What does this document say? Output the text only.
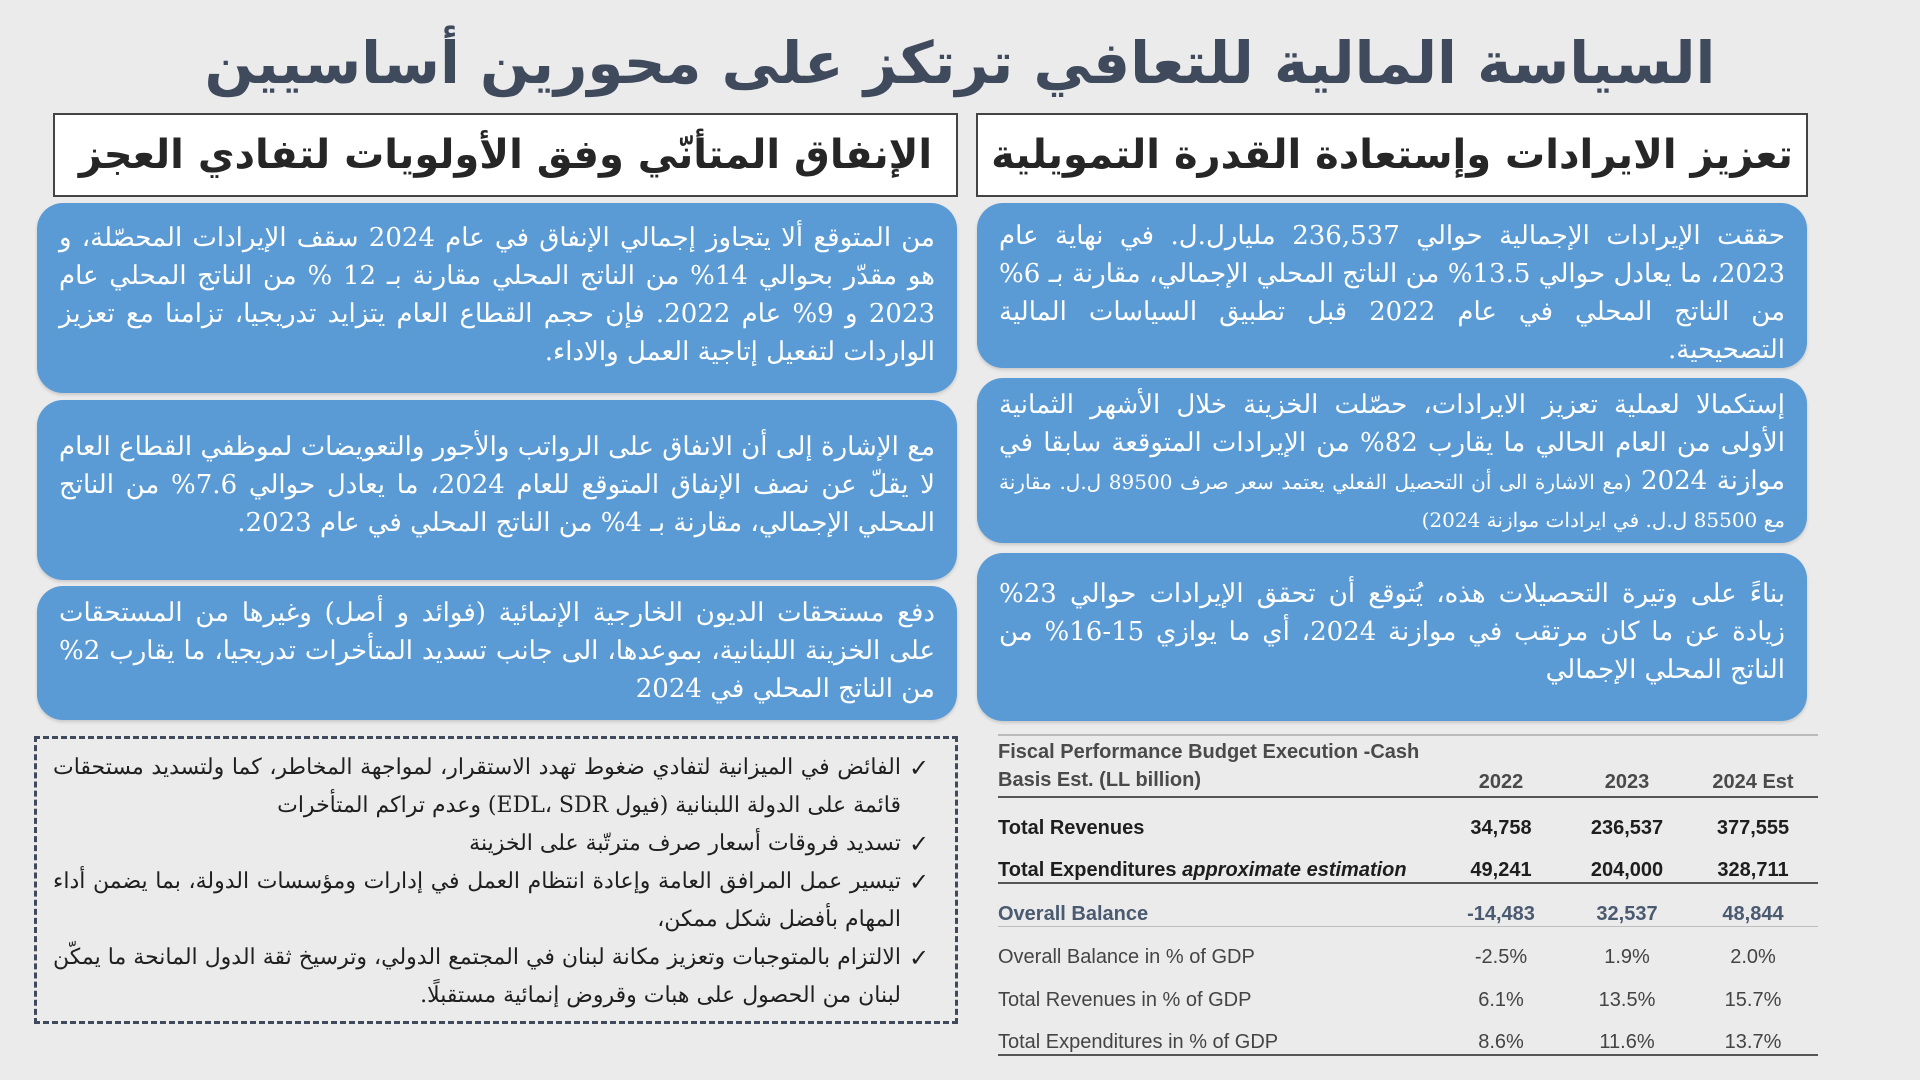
السياسة المالية للتعافي ترتكز على محورين أساسيين
تعزيز الايرادات وإستعادة القدرة التمويلية
الإنفاق المتأنّي وفق الأولويات لتفادي العجز
حققت الإيرادات الإجمالية حوالي 236,537 مليارل.ل. في نهاية عام 2023، ما يعادل حوالي 13.5% من الناتج المحلي الإجمالي، مقارنة بـ 6% من الناتج المحلي في عام 2022 قبل تطبيق السياسات المالية التصحيحية.
إستكمالا لعملية تعزيز الايرادات، حصّلت الخزينة خلال الأشهر الثمانية الأولى من العام الحالي ما يقارب 82% من الإيرادات المتوقعة سابقا في موازنة 2024 (مع الاشارة الى أن التحصيل الفعلي يعتمد سعر صرف 89500 ل.ل. مقارنة مع 85500 ل.ل. في ايرادات موازنة 2024)
بناءً على وتيرة التحصيلات هذه، يُتوقع أن تحقق الإيرادات حوالي 23% زيادة عن ما كان مرتقب في موازنة 2024، أي ما يوازي 15-16% من الناتج المحلي الإجمالي
من المتوقع ألا يتجاوز إجمالي الإنفاق في عام 2024 سقف الإيرادات المحصّلة، و هو مقدّر بحوالي 14% من الناتج المحلي مقارنة بـ 12 % من الناتج المحلي عام 2023 و 9% عام 2022. فإن حجم القطاع العام يتزايد تدريجيا، تزامنا مع تعزيز الواردات لتفعيل إتاجية العمل والاداء.
مع الإشارة إلى أن الانفاق على الرواتب والأجور والتعويضات لموظفي القطاع العام لا يقلّ عن نصف الإنفاق المتوقع للعام 2024، ما يعادل حوالي 7.6% من الناتج المحلي الإجمالي، مقارنة بـ 4% من الناتج المحلي في عام 2023.
دفع مستحقات الديون الخارجية الإنمائية (فوائد و أصل) وغيرها من المستحقات على الخزينة اللبنانية، بموعدها، الى جانب تسديد المتأخرات تدريجيا، ما يقارب 2% من الناتج المحلي في 2024
✓
الفائض في الميزانية لتفادي ضغوط تهدد الاستقرار، لمواجهة المخاطر، كما ولتسديد مستحقات قائمة على الدولة اللبنانية (فيول EDL، SDR) وعدم تراكم المتأخرات
✓
تسديد فروقات أسعار صرف مترتّبة على الخزينة
✓
تيسير عمل المرافق العامة وإعادة انتظام العمل في إدارات ومؤسسات الدولة، بما يضمن أداء المهام بأفضل شكل ممكن،
✓
الالتزام بالمتوجبات وتعزيز مكانة لبنان في المجتمع الدولي، وترسيخ ثقة الدول المانحة ما يمكّن لبنان من الحصول على هبات وقروض إنمائية مستقبلًا.
Fiscal Performance Budget Execution -Cash
Basis Est. (LL billion)	2022	2023	2024 Est
Total Revenues	34,758	236,537	377,555
Total Expenditures approximate estimation	49,241	204,000	328,711
Overall Balance	-14,483	32,537	48,844
Overall Balance in % of GDP	-2.5%	1.9%	2.0%
Total Revenues in % of GDP	6.1%	13.5%	15.7%
Total Expenditures in % of GDP	8.6%	11.6%	13.7%
